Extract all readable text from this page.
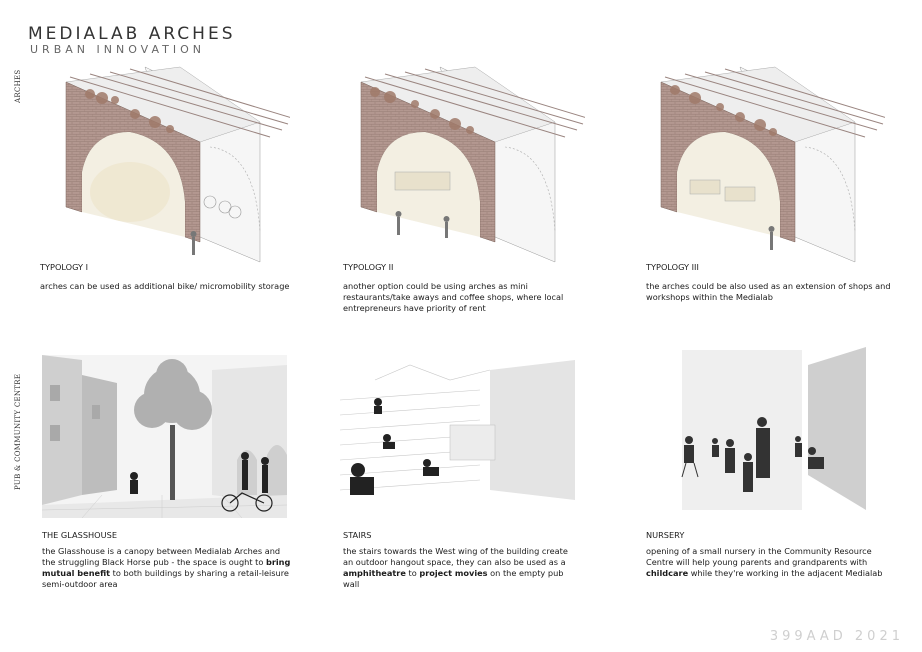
MEDIALAB ARCHES
URBAN INNOVATION
ARCHES
PUB & COMMUNITY CENTRE
TYPOLOGY I
arches can be used as additional bike/ micromobility storage
TYPOLOGY II
another option could be using arches as mini restaurants/take aways and coffee shops, where local entrepreneurs have priority of rent
TYPOLOGY III
the arches could be also used as an extension of shops and workshops within the Medialab
THE GLASSHOUSE
the Glasshouse is a canopy between Medialab Arches and the struggling Black Horse pub - the space is ought to bring mutual benefit to both buildings by sharing a retail-leisure semi-outdoor area
STAIRS
the stairs towards the West wing of the building create an outdoor hangout space, they can also be used as a amphitheatre to project movies on the empty pub wall
NURSERY
opening of a small nursery in the Community Resource Centre will help young parents and grandparents with childcare while they're working in the adjacent Medialab
399AAD 2021
